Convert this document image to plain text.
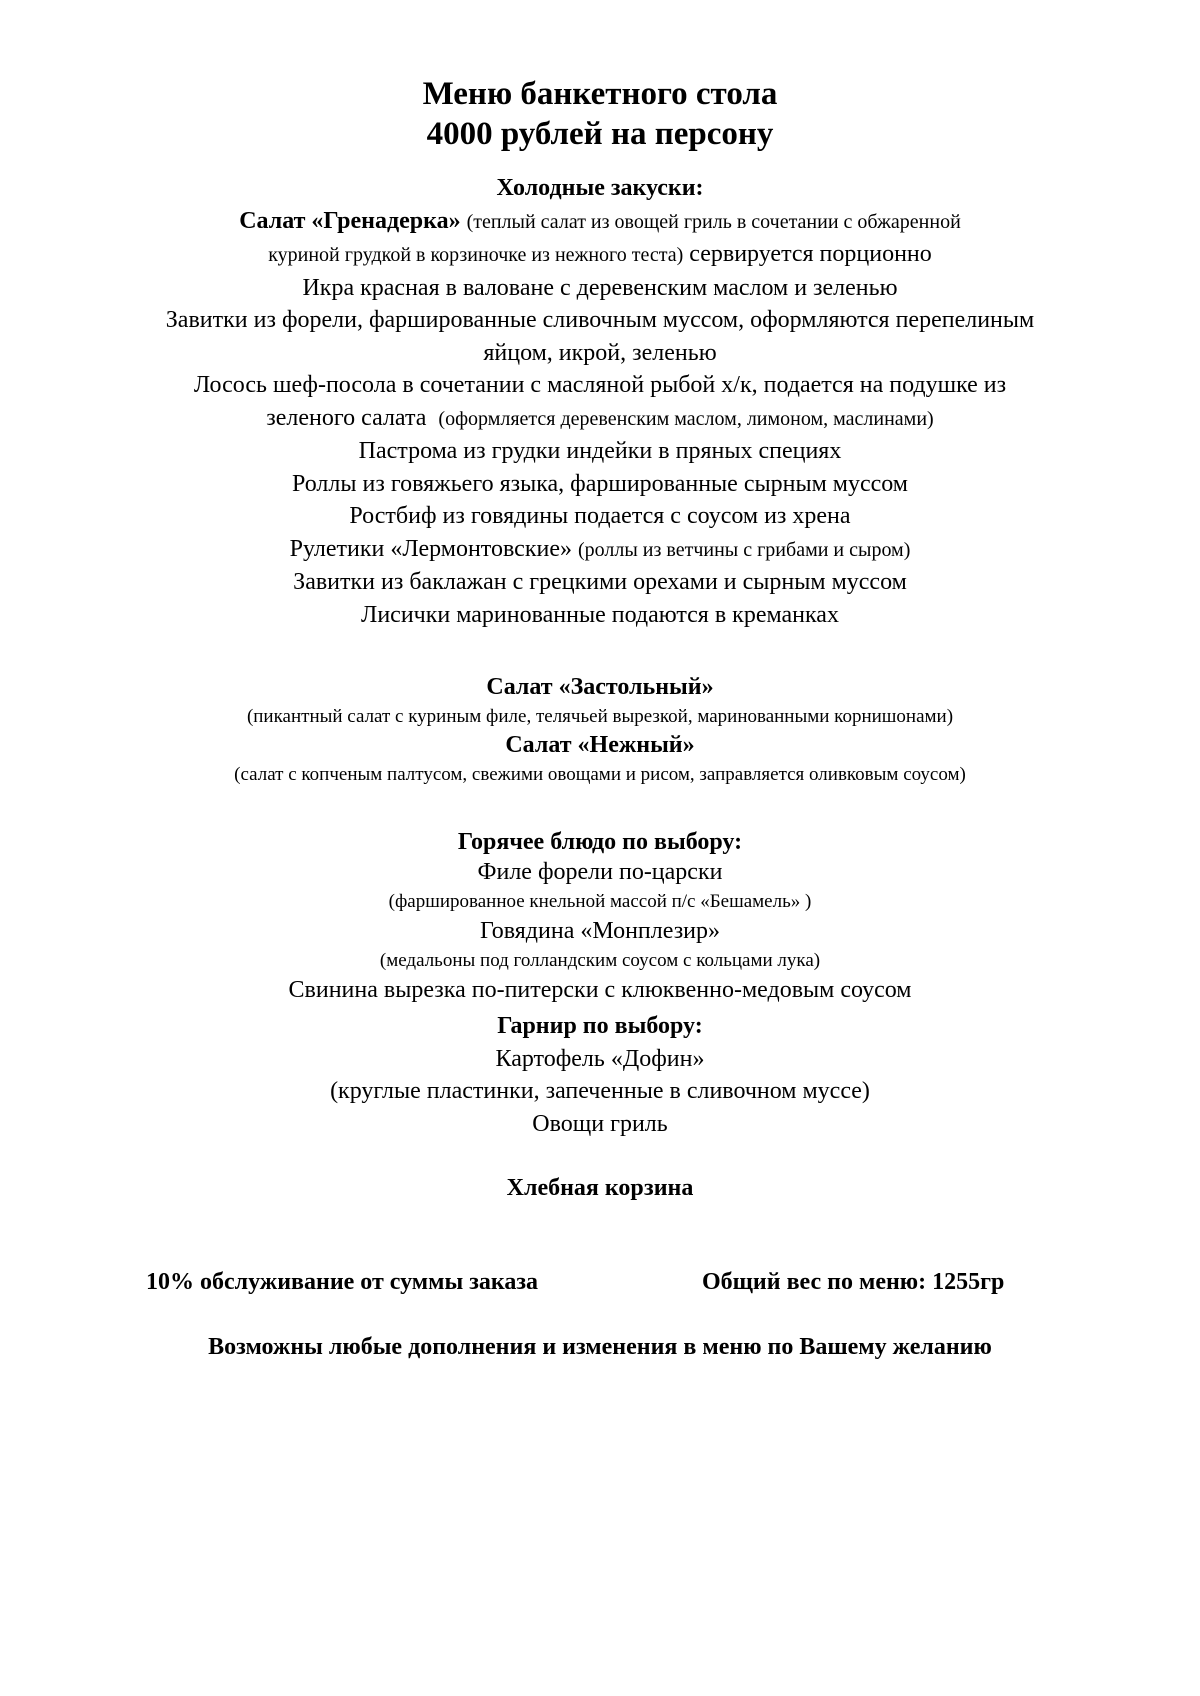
Меню банкетного стола
4000 рублей на персону
Холодные закуски:
Салат «Гренадерка» (теплый салат из овощей гриль в сочетании с обжаренной
куриной грудкой в корзиночке из нежного теста) сервируется порционно
Икра красная в валоване с деревенским маслом и зеленью
Завитки из форели, фаршированные сливочным муссом, оформляются перепелиным
яйцом, икрой, зеленью
Лосось шеф-посола в сочетании с масляной рыбой х/к, подается на подушке из
зеленого салата (оформляется деревенским маслом, лимоном, маслинами)
Пастрома из грудки индейки в пряных специях
Роллы из говяжьего языка, фаршированные сырным муссом
Ростбиф из говядины подается с соусом из хрена
Рулетики «Лермонтовские» (роллы из ветчины с грибами и сыром)
Завитки из баклажан с грецкими орехами и сырным муссом
Лисички маринованные подаются в креманках
Салат «Застольный»
(пикантный салат с куриным филе, телячьей вырезкой, маринованными корнишонами)
Салат «Нежный»
(салат с копченым палтусом, свежими овощами и рисом, заправляется оливковым соусом)
Горячее блюдо по выбору:
Филе форели по-царски
(фаршированное кнельной массой п/с «Бешамель» )
Говядина «Монплезир»
(медальоны под голландским соусом с кольцами лука)
Свинина вырезка по-питерски с клюквенно-медовым соусом
Гарнир по выбору:
Картофель «Дофин»
(круглые пластинки, запеченные в сливочном муссе)
Овощи гриль
Хлебная корзина
10% обслуживание от суммы заказа	Общий вес по меню: 1255гр
Возможны любые дополнения и изменения в меню по Вашему желанию
